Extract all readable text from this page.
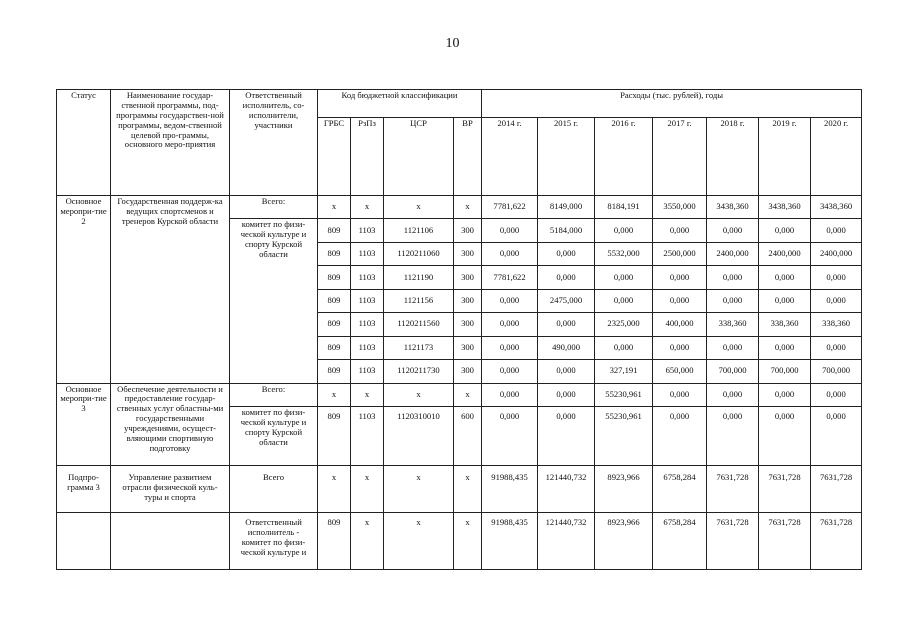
10
Статус	Наименование государ-ственной программы, под-программы государствен-ной программы, ведом-ственной целевой про-граммы, основного меро-приятия	Ответственный исполнитель, со-исполнители, участники	Код бюджетной классификации				Расходы (тыс. рублей), годы						
			ГРБС	РзПз	ЦСР	ВР	2014 г.	2015 г.	2016 г.	2017 г.	2018 г.	2019 г.	2020 г.
Основное меропри-тие 2	Государственная поддерж-ка ведущих спортсменов и тренеров Курской области	Всего:	x	x	x	x	7781,622	8149,000	8184,191	3550,000	3438,360	3438,360	3438,360
		комитет по физи-ческой культуре и спорту Курской области	809	1103	1121106	300	0,000	5184,000	0,000	0,000	0,000	0,000	0,000
			809	1103	1120211060	300	0,000	0,000	5532,000	2500,000	2400,000	2400,000	2400,000
			809	1103	1121190	300	7781,622	0,000	0,000	0,000	0,000	0,000	0,000
			809	1103	1121156	300	0,000	2475,000	0,000	0,000	0,000	0,000	0,000
			809	1103	1120211560	300	0,000	0,000	2325,000	400,000	338,360	338,360	338,360
			809	1103	1121173	300	0,000	490,000	0,000	0,000	0,000	0,000	0,000
			809	1103	1120211730	300	0,000	0,000	327,191	650,000	700,000	700,000	700,000
Основное меропри-тие 3	Обеспечение деятельности и предоставление государ-ственных услуг областны-ми государственными учреждениями, осущест-вляющими спортивную подготовку	Всего:	x	x	x	x	0,000	0,000	55230,961	0,000	0,000	0,000	0,000
		комитет по физи-ческой культуре и спорту Курской области	809	1103	1120310010	600	0,000	0,000	55230,961	0,000	0,000	0,000	0,000
Подпро-грамма 3	Управление развитием отрасли физической куль-туры и спорта	Всего	x	x	x	x	91988,435	121440,732	8923,966	6758,284	7631,728	7631,728	7631,728

		Ответственный исполнитель - комитет по физи-ческой культуре и	809	x	x	x	91988,435	121440,732	8923,966	6758,284	7631,728	7631,728	7631,728
